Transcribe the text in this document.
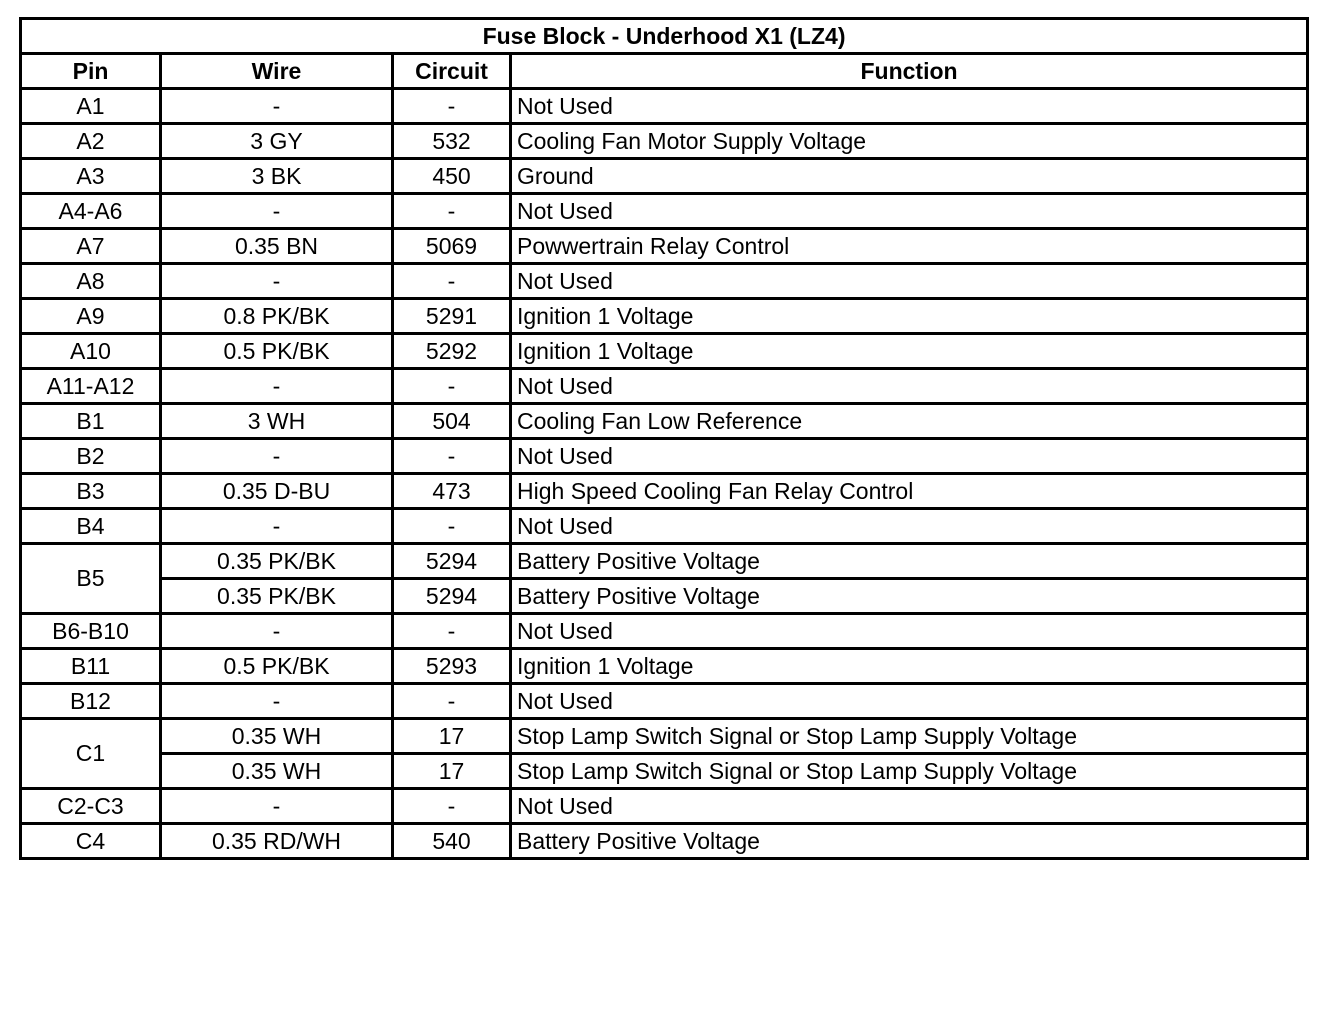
Fuse Block - Underhood X1 (LZ4)			
Pin	Wire	Circuit	Function
A1	-	-	Not Used
A2	3 GY	532	Cooling Fan Motor Supply Voltage
A3	3 BK	450	Ground
A4-A6	-	-	Not Used
A7	0.35 BN	5069	Powwertrain Relay Control
A8	-	-	Not Used
A9	0.8 PK/BK	5291	Ignition 1 Voltage
A10	0.5 PK/BK	5292	Ignition 1 Voltage
A11-A12	-	-	Not Used
B1	3 WH	504	Cooling Fan Low Reference
B2	-	-	Not Used
B3	0.35 D-BU	473	High Speed Cooling Fan Relay Control
B4	-	-	Not Used
B5	0.35 PK/BK	5294	Battery Positive Voltage
	0.35 PK/BK	5294	Battery Positive Voltage
B6-B10	-	-	Not Used
B11	0.5 PK/BK	5293	Ignition 1 Voltage
B12	-	-	Not Used
C1	0.35 WH	17	Stop Lamp Switch Signal or Stop Lamp Supply Voltage
	0.35 WH	17	Stop Lamp Switch Signal or Stop Lamp Supply Voltage
C2-C3	-	-	Not Used
C4	0.35 RD/WH	540	Battery Positive Voltage
